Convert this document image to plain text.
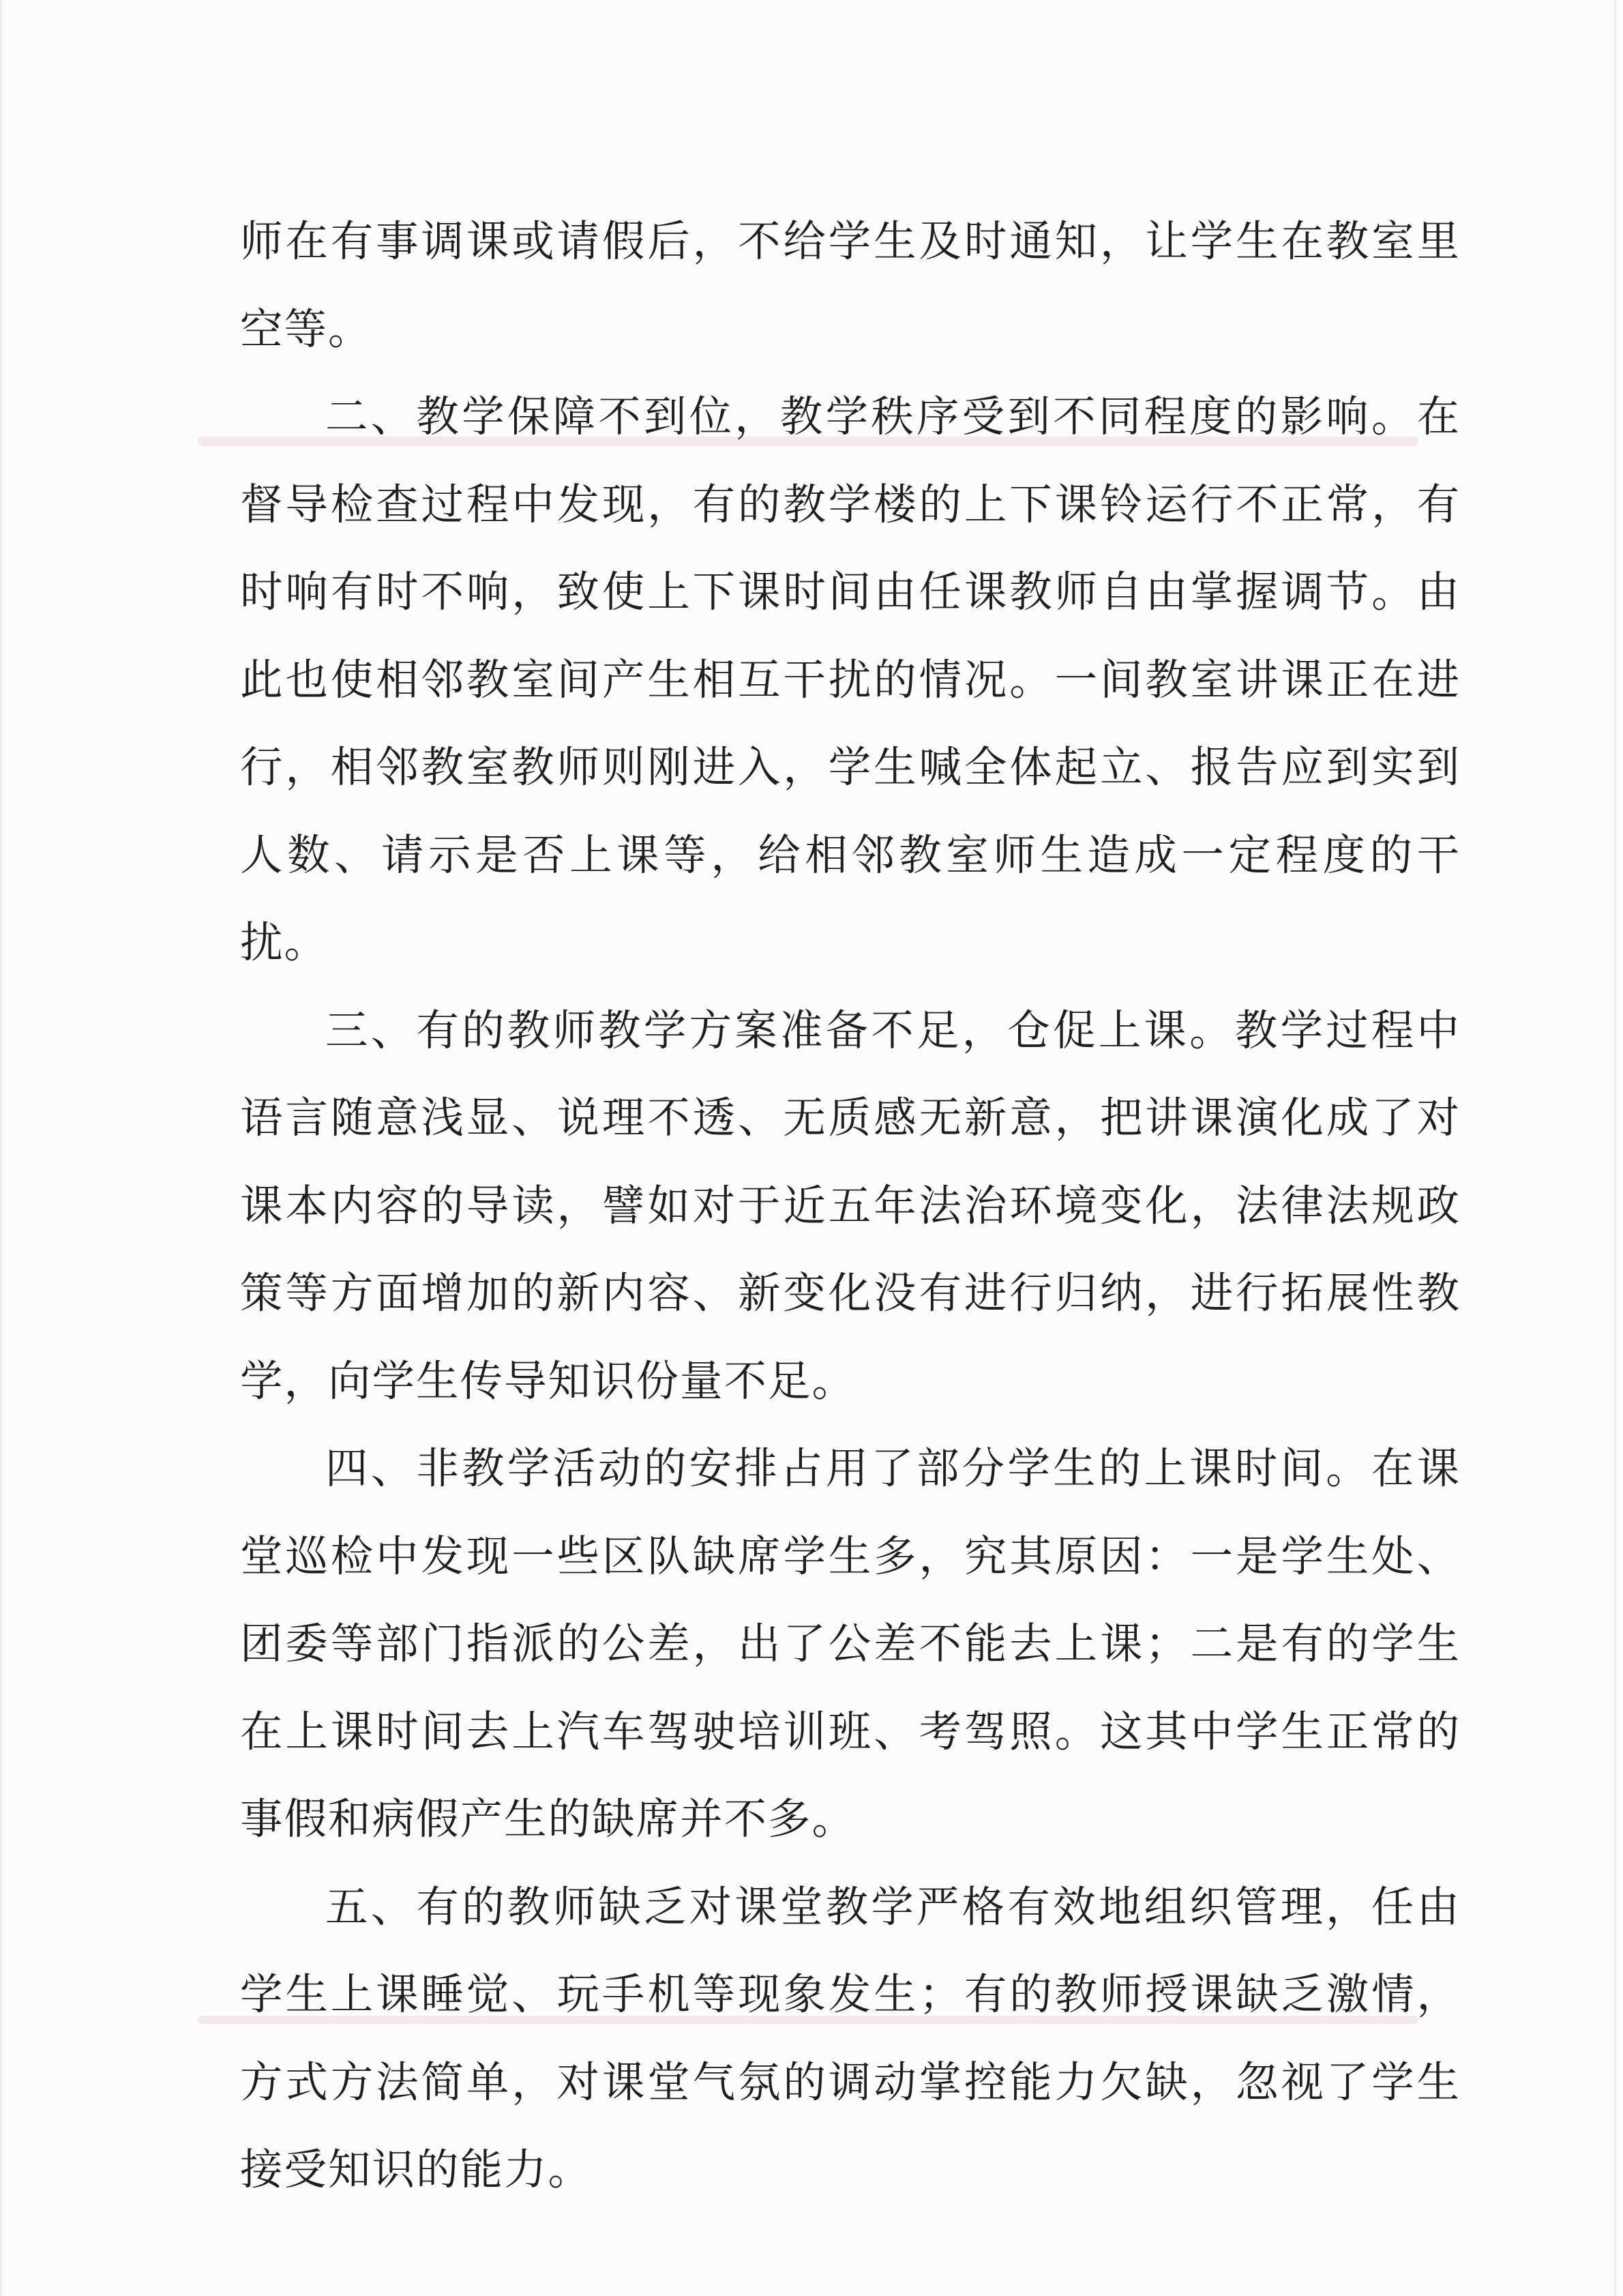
师在有事调课或请假后，不给学生及时通知，让学生在教室里空等。

二、教学保障不到位，教学秩序受到不同程度的影响。在督导检查过程中发现，有的教学楼的上下课铃运行不正常，有时响有时不响，致使上下课时间由任课教师自由掌握调节。由此也使相邻教室间产生相互干扰的情况。一间教室讲课正在进行，相邻教室教师则刚进入，学生喊全体起立、报告应到实到人数、请示是否上课等，给相邻教室师生造成一定程度的干扰。

三、有的教师教学方案准备不足，仓促上课。教学过程中语言随意浅显、说理不透、无质感无新意，把讲课演化成了对课本内容的导读，譬如对于近五年法治环境变化，法律法规政策等方面增加的新内容、新变化没有进行归纳，进行拓展性教学，向学生传导知识份量不足。

四、非教学活动的安排占用了部分学生的上课时间。在课堂巡检中发现一些区队缺席学生多，究其原因：一是学生处、团委等部门指派的公差，出了公差不能去上课；二是有的学生在上课时间去上汽车驾驶培训班、考驾照。这其中学生正常的事假和病假产生的缺席并不多。

五、有的教师缺乏对课堂教学严格有效地组织管理，任由学生上课睡觉、玩手机等现象发生；有的教师授课缺乏激情，方式方法简单，对课堂气氛的调动掌控能力欠缺，忽视了学生接受知识的能力。
